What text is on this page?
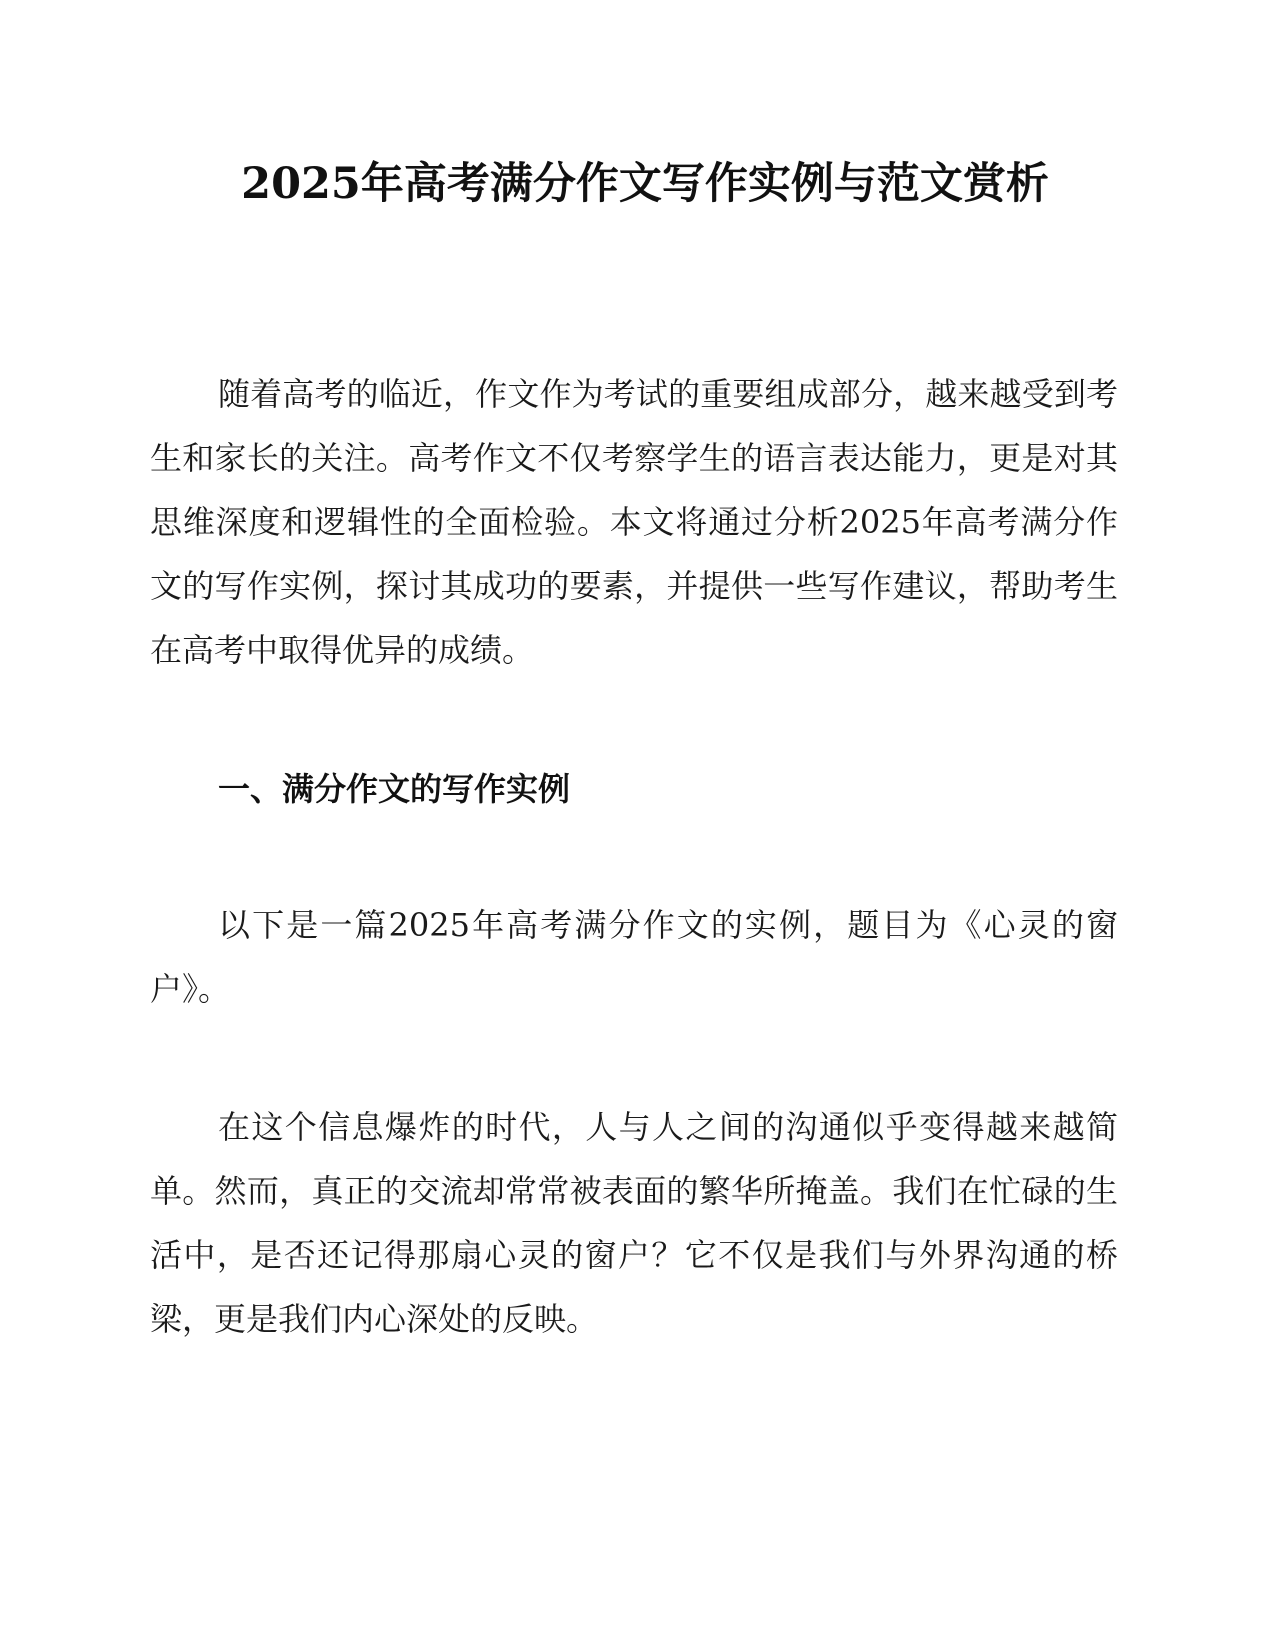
2025年高考满分作文写作实例与范文赏析

随着高考的临近，作文作为考试的重要组成部分，越来越受到考生和家长的关注。高考作文不仅考察学生的语言表达能力，更是对其思维深度和逻辑性的全面检验。本文将通过分析2025年高考满分作文的写作实例，探讨其成功的要素，并提供一些写作建议，帮助考生在高考中取得优异的成绩。

一、满分作文的写作实例

以下是一篇2025年高考满分作文的实例，题目为《心灵的窗户》。

在这个信息爆炸的时代，人与人之间的沟通似乎变得越来越简单。然而，真正的交流却常常被表面的繁华所掩盖。我们在忙碌的生活中，是否还记得那扇心灵的窗户？它不仅是我们与外界沟通的桥梁，更是我们内心深处的反映。
